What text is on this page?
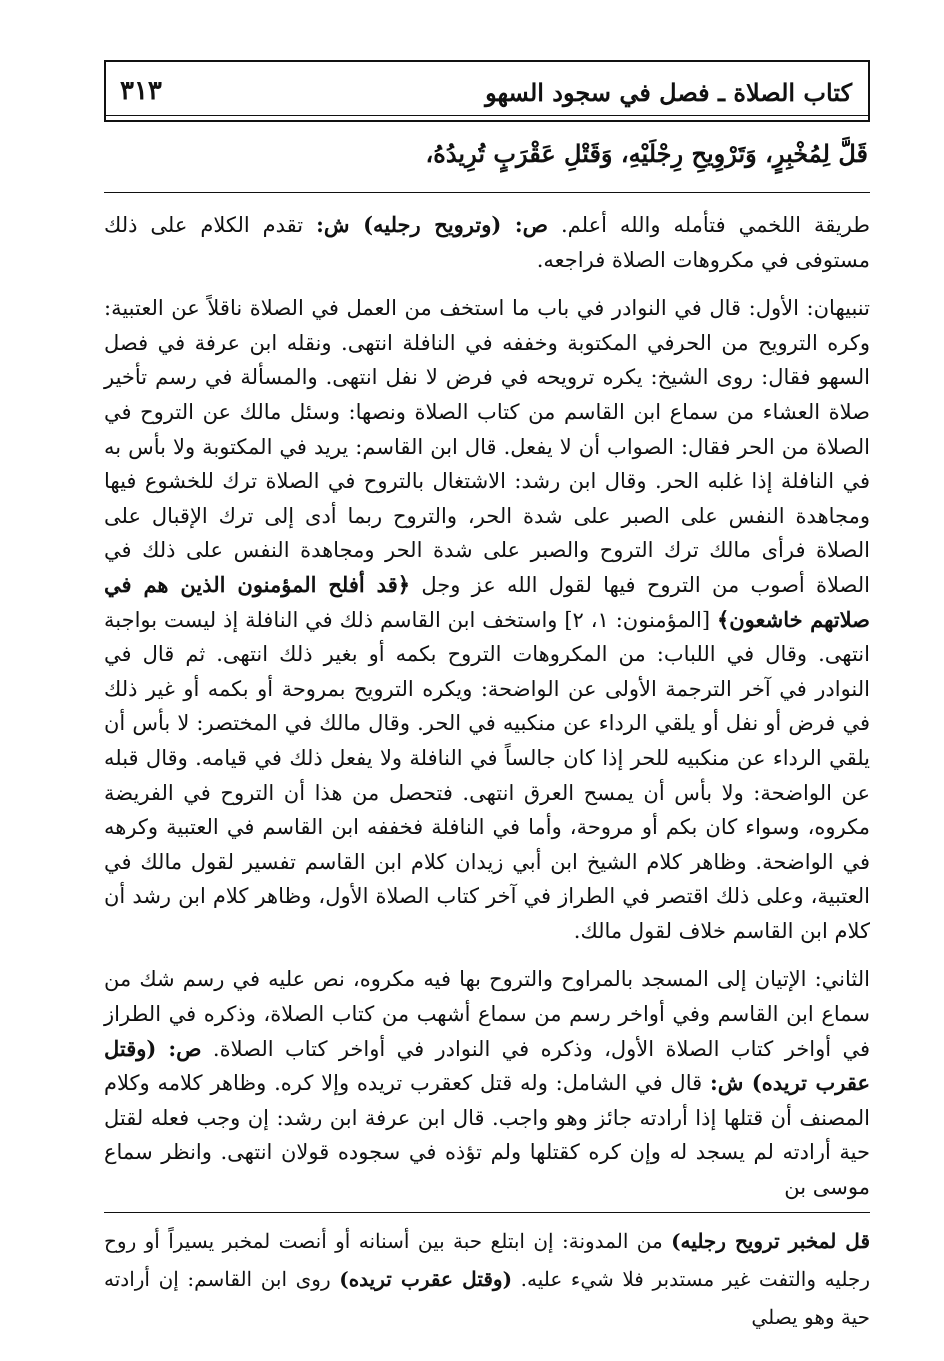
كتاب الصلاة ـ فصل في سجود السهو
٣١٣
قَلَّ لِمُخْبِرٍ، وَتَرْوِيحِ رِجْلَيْهِ، وَقَتْلِ عَقْرَبٍ تُرِيدُهُ،

طريقة اللخمي فتأمله والله أعلم. ص: (وترويح رجليه) ش: تقدم الكلام على ذلك مستوفى في مكروهات الصلاة فراجعه.

تنبيهان: الأول: قال في النوادر في باب ما استخف من العمل في الصلاة ناقلاً عن العتبية: وكره الترويح من الحرفي المكتوبة وخففه في النافلة انتهى. ونقله ابن عرفة في فصل السهو فقال: روى الشيخ: يكره ترويحه في فرض لا نفل انتهى. والمسألة في رسم تأخير صلاة العشاء من سماع ابن القاسم من كتاب الصلاة ونصها: وسئل مالك عن التروح في الصلاة من الحر فقال: الصواب أن لا يفعل. قال ابن القاسم: يريد في المكتوبة ولا بأس به في النافلة إذا غلبه الحر. وقال ابن رشد: الاشتغال بالتروح في الصلاة ترك للخشوع فيها ومجاهدة النفس على الصبر على شدة الحر، والتروح ربما أدى إلى ترك الإقبال على الصلاة فرأى مالك ترك التروح والصبر على شدة الحر ومجاهدة النفس على ذلك في الصلاة أصوب من التروح فيها لقول الله عز وجل ﴿قد أفلح المؤمنون الذين هم في صلاتهم خاشعون﴾ [المؤمنون: ١، ٢] واستخف ابن القاسم ذلك في النافلة إذ ليست بواجبة انتهى. وقال في اللباب: من المكروهات التروح بكمه أو بغير ذلك انتهى. ثم قال في النوادر في آخر الترجمة الأولى عن الواضحة: ويكره الترويح بمروحة أو بكمه أو غير ذلك في فرض أو نفل أو يلقي الرداء عن منكبيه في الحر. وقال مالك في المختصر: لا بأس أن يلقي الرداء عن منكبيه للحر إذا كان جالساً في النافلة ولا يفعل ذلك في قيامه. وقال قبله عن الواضحة: ولا بأس أن يمسح العرق انتهى. فتحصل من هذا أن التروح في الفريضة مكروه، وسواء كان بكم أو مروحة، وأما في النافلة فخففه ابن القاسم في العتبية وكرهه في الواضحة. وظاهر كلام الشيخ ابن أبي زيدان كلام ابن القاسم تفسير لقول مالك في العتبية، وعلى ذلك اقتصر في الطراز في آخر كتاب الصلاة الأول، وظاهر كلام ابن رشد أن كلام ابن القاسم خلاف لقول مالك.

الثاني: الإتيان إلى المسجد بالمراوح والتروح بها فيه مكروه، نص عليه في رسم شك من سماع ابن القاسم وفي أواخر رسم من سماع أشهب من كتاب الصلاة، وذكره في الطراز في أواخر كتاب الصلاة الأول، وذكره في النوادر في أواخر كتاب الصلاة. ص: (وقتل عقرب تريده) ش: قال في الشامل: وله قتل كعقرب تريده وإلا كره. وظاهر كلامه وكلام المصنف أن قتلها إذا أرادته جائز وهو واجب. قال ابن عرفة ابن رشد: إن وجب فعله لقتل حية أرادته لم يسجد له وإن كره كقتلها ولم تؤذه في سجوده قولان انتهى. وانظر سماع موسى بن

قل لمخبر ترويح رجليه) من المدونة: إن ابتلع حبة بين أسنانه أو أنصت لمخبر يسيراً أو روح رجليه والتفت غير مستدبر فلا شيء عليه. (وقتل عقرب تريده) روى ابن القاسم: إن أرادته حية وهو يصلي
